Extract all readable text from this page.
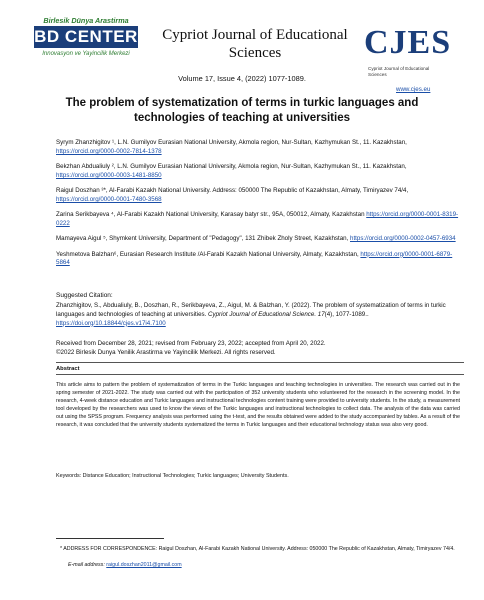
Birlesik Dünya Arastirma
BD CENTER
Innovasyon ve Yayincilik Merkezi
Cypriot Journal of Educational Sciences	CJES
Cypriot Journal of Educational Sciences
Volume 17, Issue 4, (2022) 1077-1089.
www.cjes.eu
The problem of systematization of terms in turkic languages and technologies of teaching at universities
Syrym Zhanzhigitov ¹, L.N. Gumilyov Eurasian National University, Akmola region, Nur-Sultan, Kazhymukan St., 11. Kazakhstan, https://orcid.org/0000-0002-7814-1378
Bekzhan Abdualiuly ², L.N. Gumilyov Eurasian National University, Akmola region, Nur-Sultan, Kazhymukan St., 11. Kazakhstan, https://orcid.org/0000-0003-1481-8850
Raigul Doszhan ³*, Al-Farabi Kazakh National University. Address: 050000 The Republic of Kazakhstan, Almaty, Timiryazev 74/4, https://orcid.org/0000-0001-7480-3568
Zarina Serikbayeva ⁴, Al-Farabi Kazakh National University, Karasay batyr str., 95A, 050012, Almaty, Kazakhstan https://orcid.org/0000-0001-8319-0222
Mamayeva Aigul ⁵, Shymkent University, Department of "Pedagogy", 131 Zhibek Zholy Street, Kazakhstan, https://orcid.org/0000-0002-0457-6934
Yeshmetova Balzhan⁶, Eurasian Research Institute /Al-Farabi Kazakh National University, Almaty, Kazakhstan, https://orcid.org/0000-0001-6879-5864
Suggested Citation:
Zhanzhigitov, S., Abdualiuly, B., Doszhan, R., Serikbayeva, Z., Aigul, M. & Balzhan, Y. (2022). The problem of systematization of terms in turkic languages and technologies of teaching at universities. Cypriot Journal of Educational Science. 17(4), 1077-1089.. https://doi.org/10.18844/cjes.v17i4.7100
Received from December 28, 2021; revised from February 23, 2022; accepted from April 20, 2022.
©2022 Birlesik Dunya Yenilik Arastirma ve Yayincilik Merkezi. All rights reserved.
Abstract
This article aims to pattern the problem of systematization of terms in the Turkic languages and teaching technologies in universities. The research was carried out in the spring semester of 2021-2022. The study was carried out with the participation of 352 university students who volunteered for the research in the screening model. In the research, 4-week distance education and Turkic languages and instructional technologies content training were provided to university students. In the study, a measurement tool developed by the researchers was used to know the views of the Turkic languages and instructional technologies to collect data. The analysis of the data was carried out using the SPSS program. Frequency analysis was performed using the t-test, and the results obtained were added to the study accompanied by tables. As a result of the research, it was concluded that the university students systematized the terms in Turkic languages and their educational technology status was also very good.
Keywords: Distance Education; Instructional Technologies; Turkic languages; University Students.
* ADDRESS FOR CORRESPONDENCE: Raigul Doszhan, Al-Farabi Kazakh National University. Address: 050000 The Republic of Kazakhstan, Almaty, Timiryazev 74/4.
E-mail address: raigul.doszhan2011@gmail.com
